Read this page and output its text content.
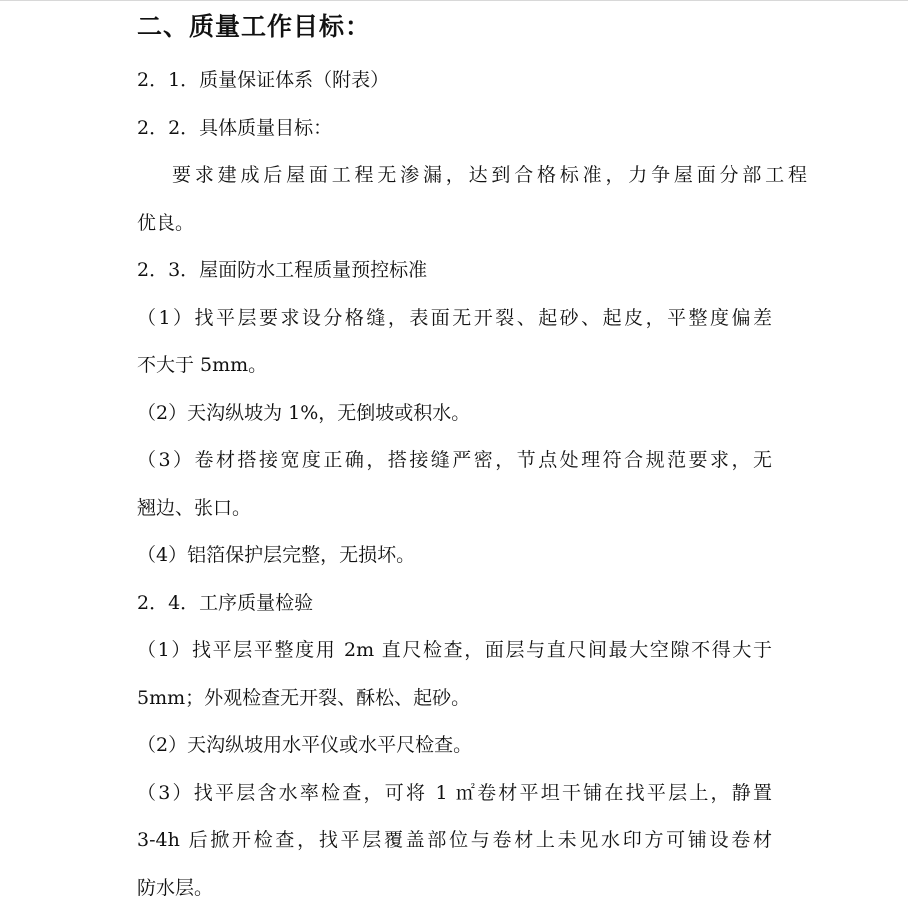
二、质量工作目标：

2．1．质量保证体系（附表）

2．2．具体质量目标：

要求建成后屋面工程无渗漏，达到合格标准，力争屋面分部工程

优良。

2．3．屋面防水工程质量预控标准

（1）找平层要求设分格缝，表面无开裂、起砂、起皮，平整度偏差

不大于 5mm。

（2）天沟纵坡为 1%，无倒坡或积水。

（3）卷材搭接宽度正确，搭接缝严密，节点处理符合规范要求，无

翘边、张口。

（4）铝箔保护层完整，无损坏。

2．4．工序质量检验

（1）找平层平整度用 2m 直尺检查，面层与直尺间最大空隙不得大于

5mm；外观检查无开裂、酥松、起砂。

（2）天沟纵坡用水平仪或水平尺检查。

（3）找平层含水率检查，可将 1 ㎡卷材平坦干铺在找平层上，静置

3-4h 后掀开检查，找平层覆盖部位与卷材上未见水印方可铺设卷材

防水层。
